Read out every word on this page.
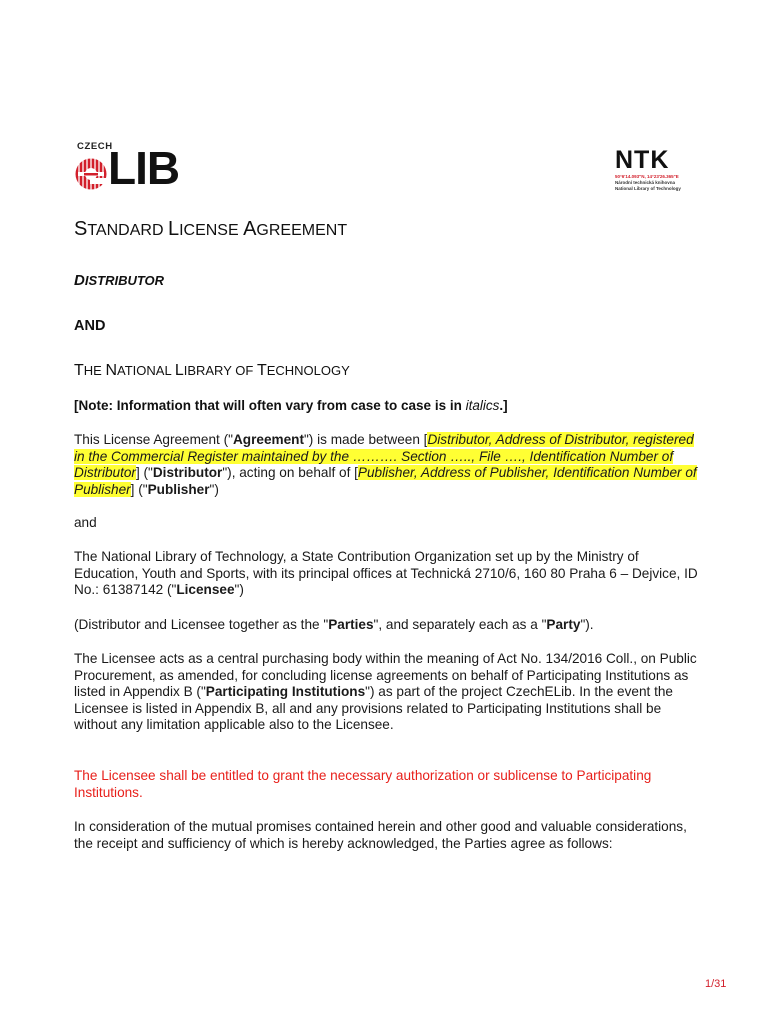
CZECH
LIB	NTK
50°6'14.093"N, 14°23'26.365"E
Národní technická knihovna
National Library of Technology
STANDARD LICENSE AGREEMENT
DISTRIBUTOR
AND
THE NATIONAL LIBRARY OF TECHNOLOGY
[Note: Information that will often vary from case to case is in italics.]
This License Agreement ("Agreement") is made between [Distributor, Address of Distributor, registered in the Commercial Register maintained by the ………. Section ….., File …., Identification Number of Distributor] ("Distributor"), acting on behalf of [Publisher, Address of Publisher, Identification Number of Publisher] ("Publisher")
and
The National Library of Technology, a State Contribution Organization set up by the Ministry of Education, Youth and Sports, with its principal offices at Technická 2710/6, 160 80 Praha 6 – Dejvice, ID No.: 61387142 ("Licensee")
(Distributor and Licensee together as the "Parties", and separately each as a "Party").
The Licensee acts as a central purchasing body within the meaning of Act No. 134/2016 Coll., on Public Procurement, as amended, for concluding license agreements on behalf of Participating Institutions as listed in Appendix B ("Participating Institutions") as part of the project CzechELib. In the event the Licensee is listed in Appendix B, all and any provisions related to Participating Institutions shall be without any limitation applicable also to the Licensee.
The Licensee shall be entitled to grant the necessary authorization or sublicense to Participating Institutions.
In consideration of the mutual promises contained herein and other good and valuable considerations, the receipt and sufficiency of which is hereby acknowledged, the Parties agree as follows:
1/31
